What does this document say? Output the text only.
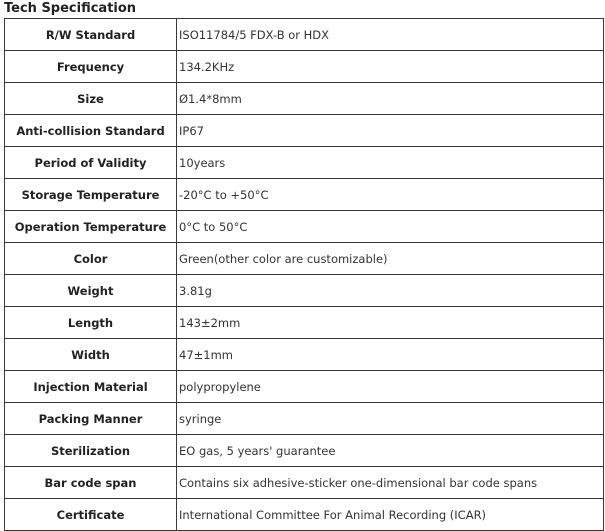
Tech Specification
R/W Standard	ISO11784/5 FDX-B or HDX
Frequency	134.2KHz
Size	Ø1.4*8mm
Anti-collision Standard	IP67
Period of Validity	10years
Storage Temperature	-20°C to +50°C
Operation Temperature	0°C to 50°C
Color	Green(other color are customizable)
Weight	3.81g
Length	143±2mm
Width	47±1mm
Injection Material	polypropylene
Packing Manner	syringe
Sterilization	EO gas, 5 years' guarantee
Bar code span	Contains six adhesive-sticker one-dimensional bar code spans
Certificate	International Committee For Animal Recording (ICAR)
